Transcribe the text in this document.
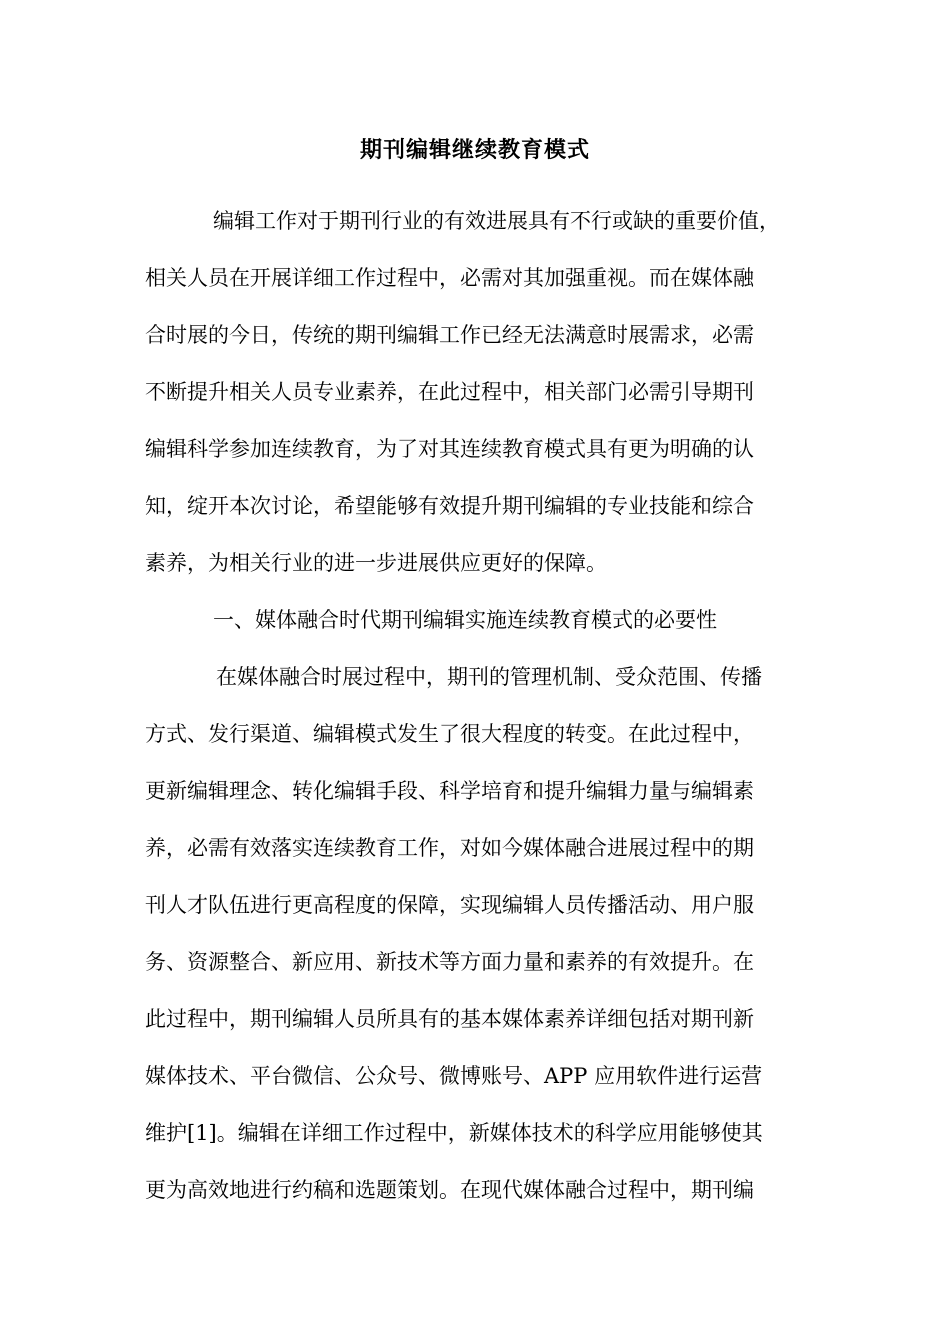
期刊编辑继续教育模式
编辑工作对于期刊行业的有效进展具有不行或缺的重要价值，
相关人员在开展详细工作过程中，必需对其加强重视。而在媒体融
合时展的今日，传统的期刊编辑工作已经无法满意时展需求，必需
不断提升相关人员专业素养，在此过程中，相关部门必需引导期刊
编辑科学参加连续教育，为了对其连续教育模式具有更为明确的认
知，绽开本次讨论，希望能够有效提升期刊编辑的专业技能和综合
素养，为相关行业的进一步进展供应更好的保障。
一、媒体融合时代期刊编辑实施连续教育模式的必要性
在媒体融合时展过程中，期刊的管理机制、受众范围、传播
方式、发行渠道、编辑模式发生了很大程度的转变。在此过程中，
更新编辑理念、转化编辑手段、科学培育和提升编辑力量与编辑素
养，必需有效落实连续教育工作，对如今媒体融合进展过程中的期
刊人才队伍进行更高程度的保障，实现编辑人员传播活动、用户服
务、资源整合、新应用、新技术等方面力量和素养的有效提升。在
此过程中，期刊编辑人员所具有的基本媒体素养详细包括对期刊新
媒体技术、平台微信、公众号、微博账号、APP 应用软件进行运营
维护[1]。编辑在详细工作过程中，新媒体技术的科学应用能够使其
更为高效地进行约稿和选题策划。在现代媒体融合过程中，期刊编
